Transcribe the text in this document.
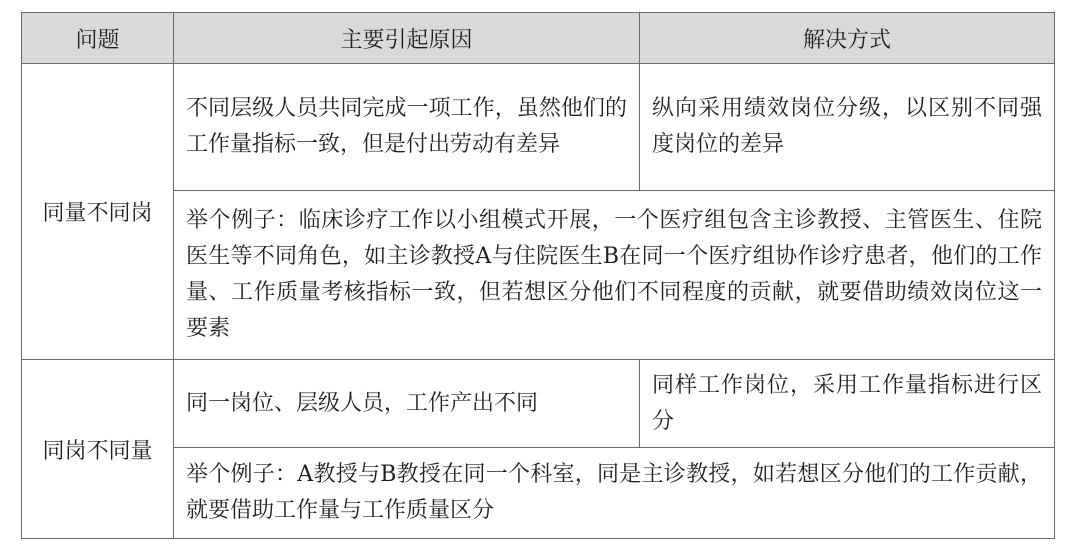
问题	主要引起原因	解决方式
同量不同岗	不同层级人员共同完成一项工作，虽然他们的工作量指标一致，但是付出劳动有差异	纵向采用绩效岗位分级，以区别不同强度岗位的差异
	举个例子：临床诊疗工作以小组模式开展，一个医疗组包含主诊教授、主管医生、住院医生等不同角色，如主诊教授A与住院医生B在同一个医疗组协作诊疗患者，他们的工作量、工作质量考核指标一致，但若想区分他们不同程度的贡献，就要借助绩效岗位这一要素	
同岗不同量	同一岗位、层级人员，工作产出不同	同样工作岗位，采用工作量指标进行区分
	举个例子：A教授与B教授在同一个科室，同是主诊教授，如若想区分他们的工作贡献，就要借助工作量与工作质量区分	
